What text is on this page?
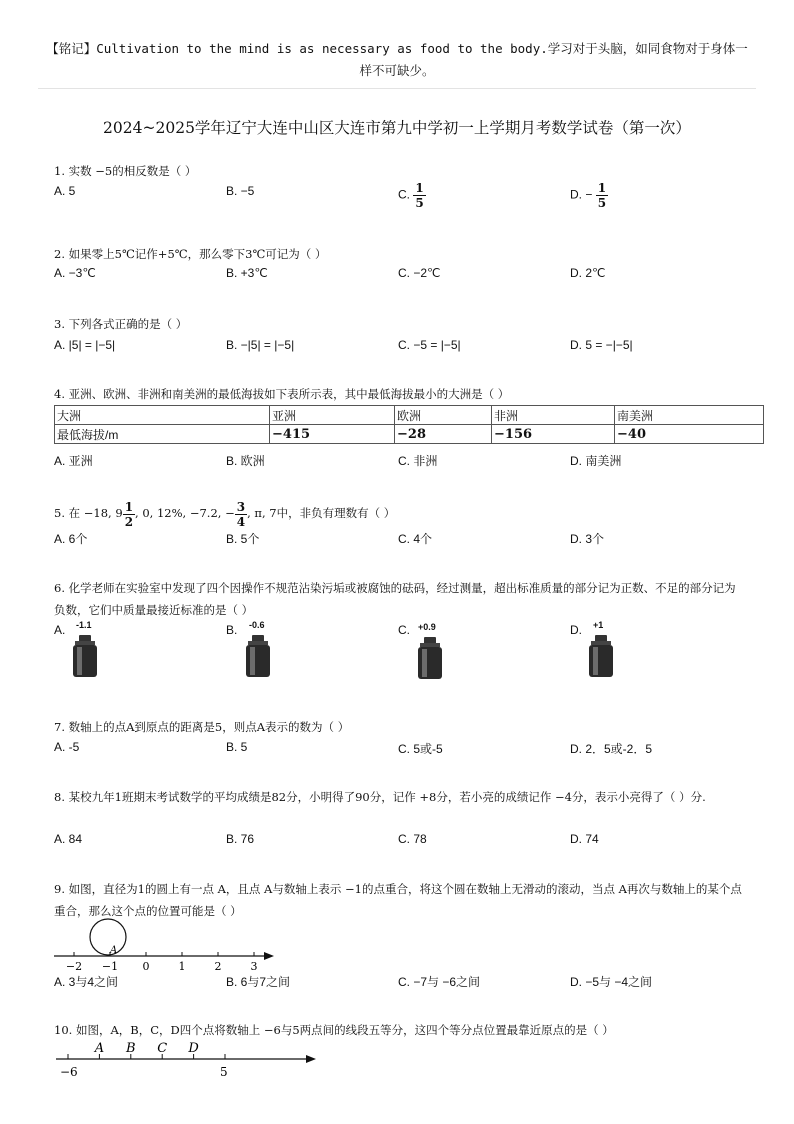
【铭记】Cultivation to the mind is as necessary as food to the body.学习对于头脑，如同食物对于身体一样不可缺少。
2024~2025学年辽宁大连中山区大连市第九中学初一上学期月考数学试卷（第一次）
1. 实数 −5的相反数是（ ）
A. 5	B. −5	C. $\frac{1}{5}$	D. − $\frac{1}{5}$
2. 如果零上5℃记作+5℃，那么零下3℃可记为（ ）
A. −3℃	B. +3℃	C. −2℃	D. 2℃
3. 下列各式正确的是（ ）
A. |5| = |−5|	B. −|5| = |−5|	C. −5 = |−5|	D. 5 = −|−5|
4. 亚洲、欧洲、非洲和南美洲的最低海拔如下表所示表，其中最低海拔最小的大洲是（ ）
大洲	亚洲	欧洲	非洲	南美洲
最低海拔/m	−415	−28	−156	−40
A. 亚洲	B. 欧洲	C. 非洲	D. 南美洲
5. 在 −18, $9 \frac{1}{2}$ , 0, 12%, −7.2, − $\frac{3}{4}$ , π, 7中，非负有理数有（ ）
A. 6个	B. 5个	C. 4个	D. 3个
6. 化学老师在实验室中发现了四个因操作不规范沾染污垢或被腐蚀的砝码，经过测量，超出标准质量的部分记为正数、不足的部分记为负数，它们中质量最接近标准的是（ ）
A.	B.	C.	D.
-1.1	-0.6	+0.9	+1
7. 数轴上的点A到原点的距离是5，则点A表示的数为（ ）
A. -5	B. 5	C. 5或-5	D. 2．5或-2．5
8. 某校九年1班期末考试数学的平均成绩是82分，小明得了90分，记作 +8分，若小亮的成绩记作 −4分，表示小亮得了（ ）分.
A. 84	B. 76	C. 78	D. 74
9. 如图，直径为1的圆上有一点 A，且点 A与数轴上表示 −1的点重合，将这个圆在数轴上无滑动的滚动，当点 A再次与数轴上的某个点重合，那么这个点的位置可能是（ ）
A
−2 −1 0	1	2	3
A. 3与4之间	B. 6与7之间	C. −7与 −6之间	D. −5与 −4之间
10. 如图，A，B，C，D四个点将数轴上 −6与5两点间的线段五等分，这四个等分点位置最靠近原点的是（ ）
A B C D
−6	5
